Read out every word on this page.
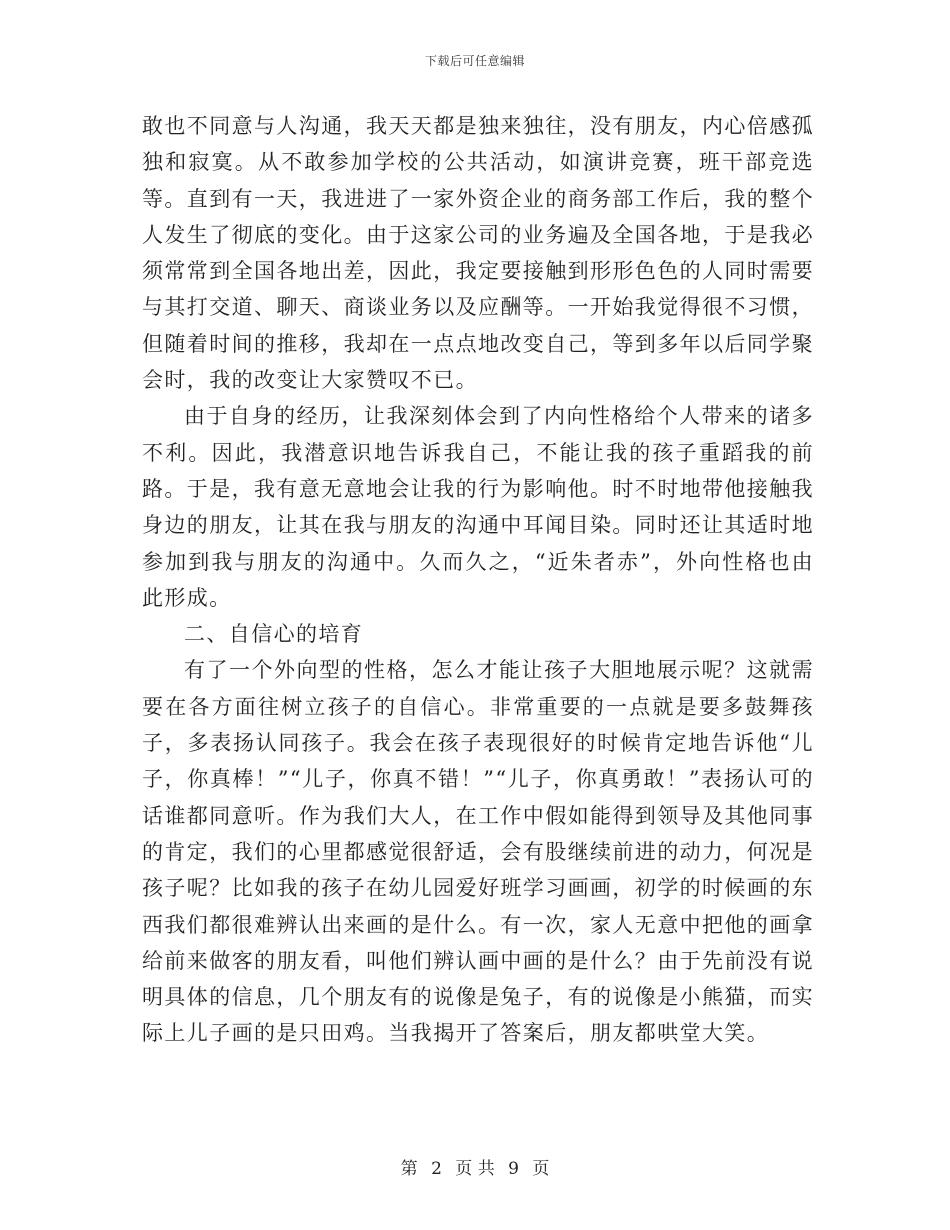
下载后可任意编辑

敢也不同意与人沟通，我天天都是独来独往，没有朋友，内心倍感孤独和寂寞。从不敢参加学校的公共活动，如演讲竞赛，班干部竞选等。直到有一天，我进进了一家外资企业的商务部工作后，我的整个人发生了彻底的变化。由于这家公司的业务遍及全国各地，于是我必须常常到全国各地出差，因此，我定要接触到形形色色的人同时需要与其打交道、聊天、商谈业务以及应酬等。一开始我觉得很不习惯，但随着时间的推移，我却在一点点地改变自己，等到多年以后同学聚会时，我的改变让大家赞叹不已。

由于自身的经历，让我深刻体会到了内向性格给个人带来的诸多不利。因此，我潜意识地告诉我自己，不能让我的孩子重蹈我的前路。于是，我有意无意地会让我的行为影响他。时不时地带他接触我身边的朋友，让其在我与朋友的沟通中耳闻目染。同时还让其适时地参加到我与朋友的沟通中。久而久之，“近朱者赤”，外向性格也由此形成。

二、自信心的培育

有了一个外向型的性格，怎么才能让孩子大胆地展示呢？这就需要在各方面往树立孩子的自信心。非常重要的一点就是要多鼓舞孩子，多表扬认同孩子。我会在孩子表现很好的时候肯定地告诉他“儿子，你真棒！”“儿子，你真不错！”“儿子，你真勇敢！”表扬认可的话谁都同意听。作为我们大人，在工作中假如能得到领导及其他同事的肯定，我们的心里都感觉很舒适，会有股继续前进的动力，何况是孩子呢？比如我的孩子在幼儿园爱好班学习画画，初学的时候画的东西我们都很难辨认出来画的是什么。有一次，家人无意中把他的画拿给前来做客的朋友看，叫他们辨认画中画的是什么？由于先前没有说明具体的信息，几个朋友有的说像是兔子，有的说像是小熊猫，而实际上儿子画的是只田鸡。当我揭开了答案后，朋友都哄堂大笑。

第 2 页 共 9 页
